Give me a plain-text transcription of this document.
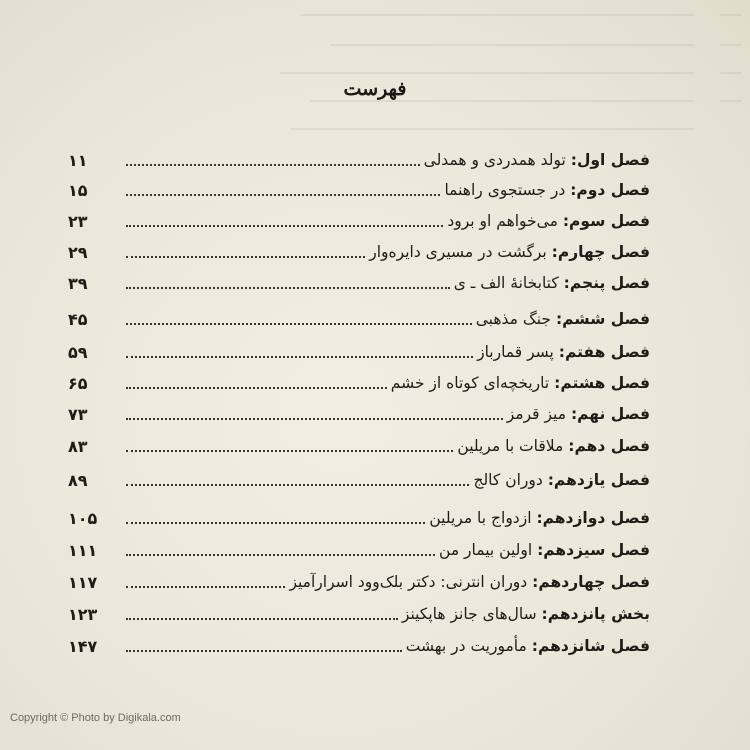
فهرست
۱۱	فصل اول: تولد همدردی و همدلی
۱۵	فصل دوم: در جستجوی راهنما
۲۳	فصل سوم: می‌خواهم او برود
۲۹	فصل چهارم: برگشت در مسیری دایره‌وار
۳۹	فصل پنجم: کتابخانهٔ الف ـ ی
۴۵	فصل ششم: جنگ مذهبی
۵۹	فصل هفتم: پسر قمارباز
۶۵	فصل هشتم: تاریخچه‌ای کوتاه از خشم
۷۳	فصل نهم: میز قرمز
۸۳	فصل دهم: ملاقات با مریلین
۸۹	فصل یازدهم: دوران کالج
۱۰۵	فصل دوازدهم: ازدواج با مریلین
۱۱۱	فصل سیزدهم: اولین بیمار من
۱۱۷	فصل چهاردهم: دوران انترنی: دکتر بلک‌وود اسرارآمیز
۱۲۳	بخش پانزدهم: سال‌های جانز هاپکینز
۱۴۷	فصل شانزدهم: مأموریت در بهشت
Copyright © Photo by Digikala.com
